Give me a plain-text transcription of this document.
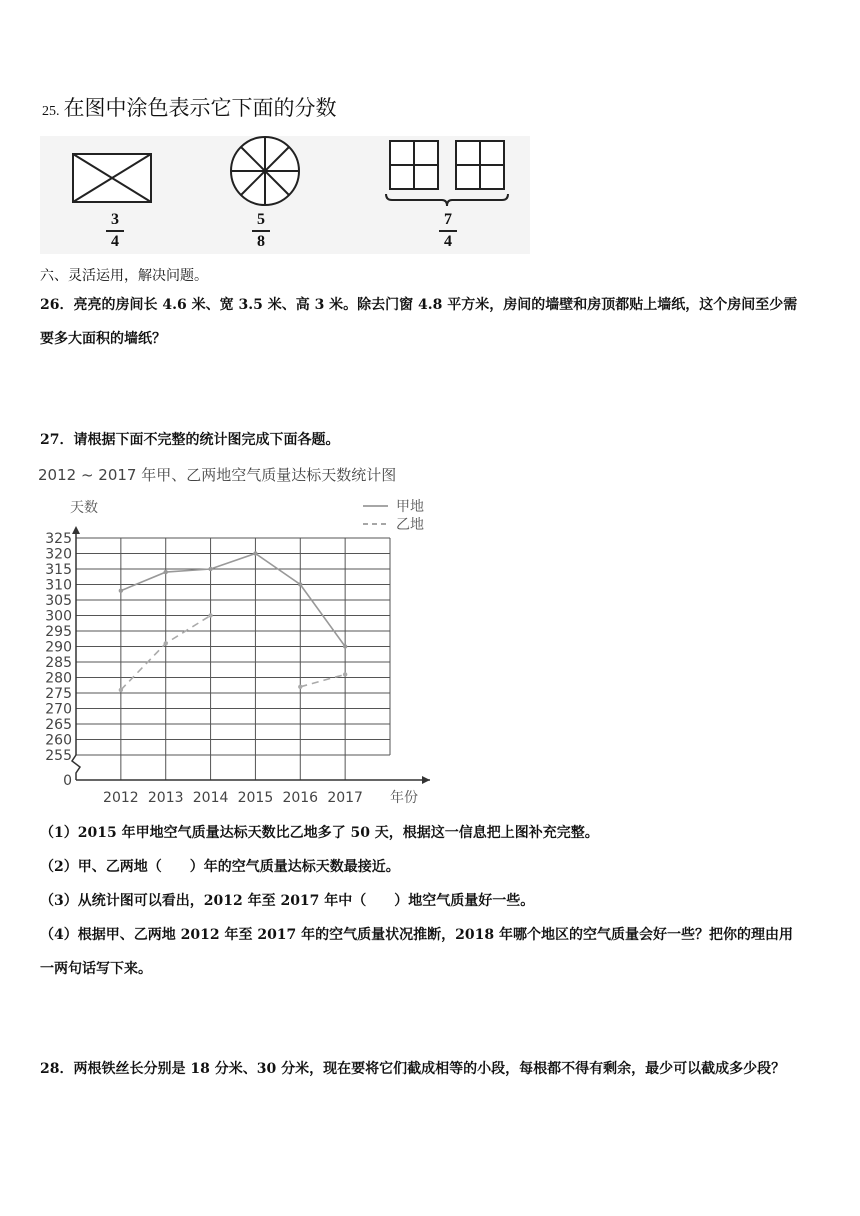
25. 在图中涂色表示它下面的分数
3
4
5
8
7
4
六、灵活运用，解决问题。
26．亮亮的房间长 4.6 米、宽 3.5 米、高 3 米。除去门窗 4.8 平方米，房间的墙壁和房顶都贴上墙纸，这个房间至少需
要多大面积的墙纸？
27．请根据下面不完整的统计图完成下面各题。
2012 ~ 2017 年甲、乙两地空气质量达标天数统计图
天数
年份
甲地
乙地
255
260
265
270
275
280
285
290
295
300
305
310
315
320
325
0
2012 2013 2014 2015 2016 2017
（1）2015 年甲地空气质量达标天数比乙地多了 50 天，根据这一信息把上图补充完整。
（2）甲、乙两地（　　）年的空气质量达标天数最接近。
（3）从统计图可以看出，2012 年至 2017 年中（　　）地空气质量好一些。
（4）根据甲、乙两地 2012 年至 2017 年的空气质量状况推断，2018 年哪个地区的空气质量会好一些？把你的理由用
一两句话写下来。
28．两根铁丝长分别是 18 分米、30 分米，现在要将它们截成相等的小段，每根都不得有剩余，最少可以截成多少段？
